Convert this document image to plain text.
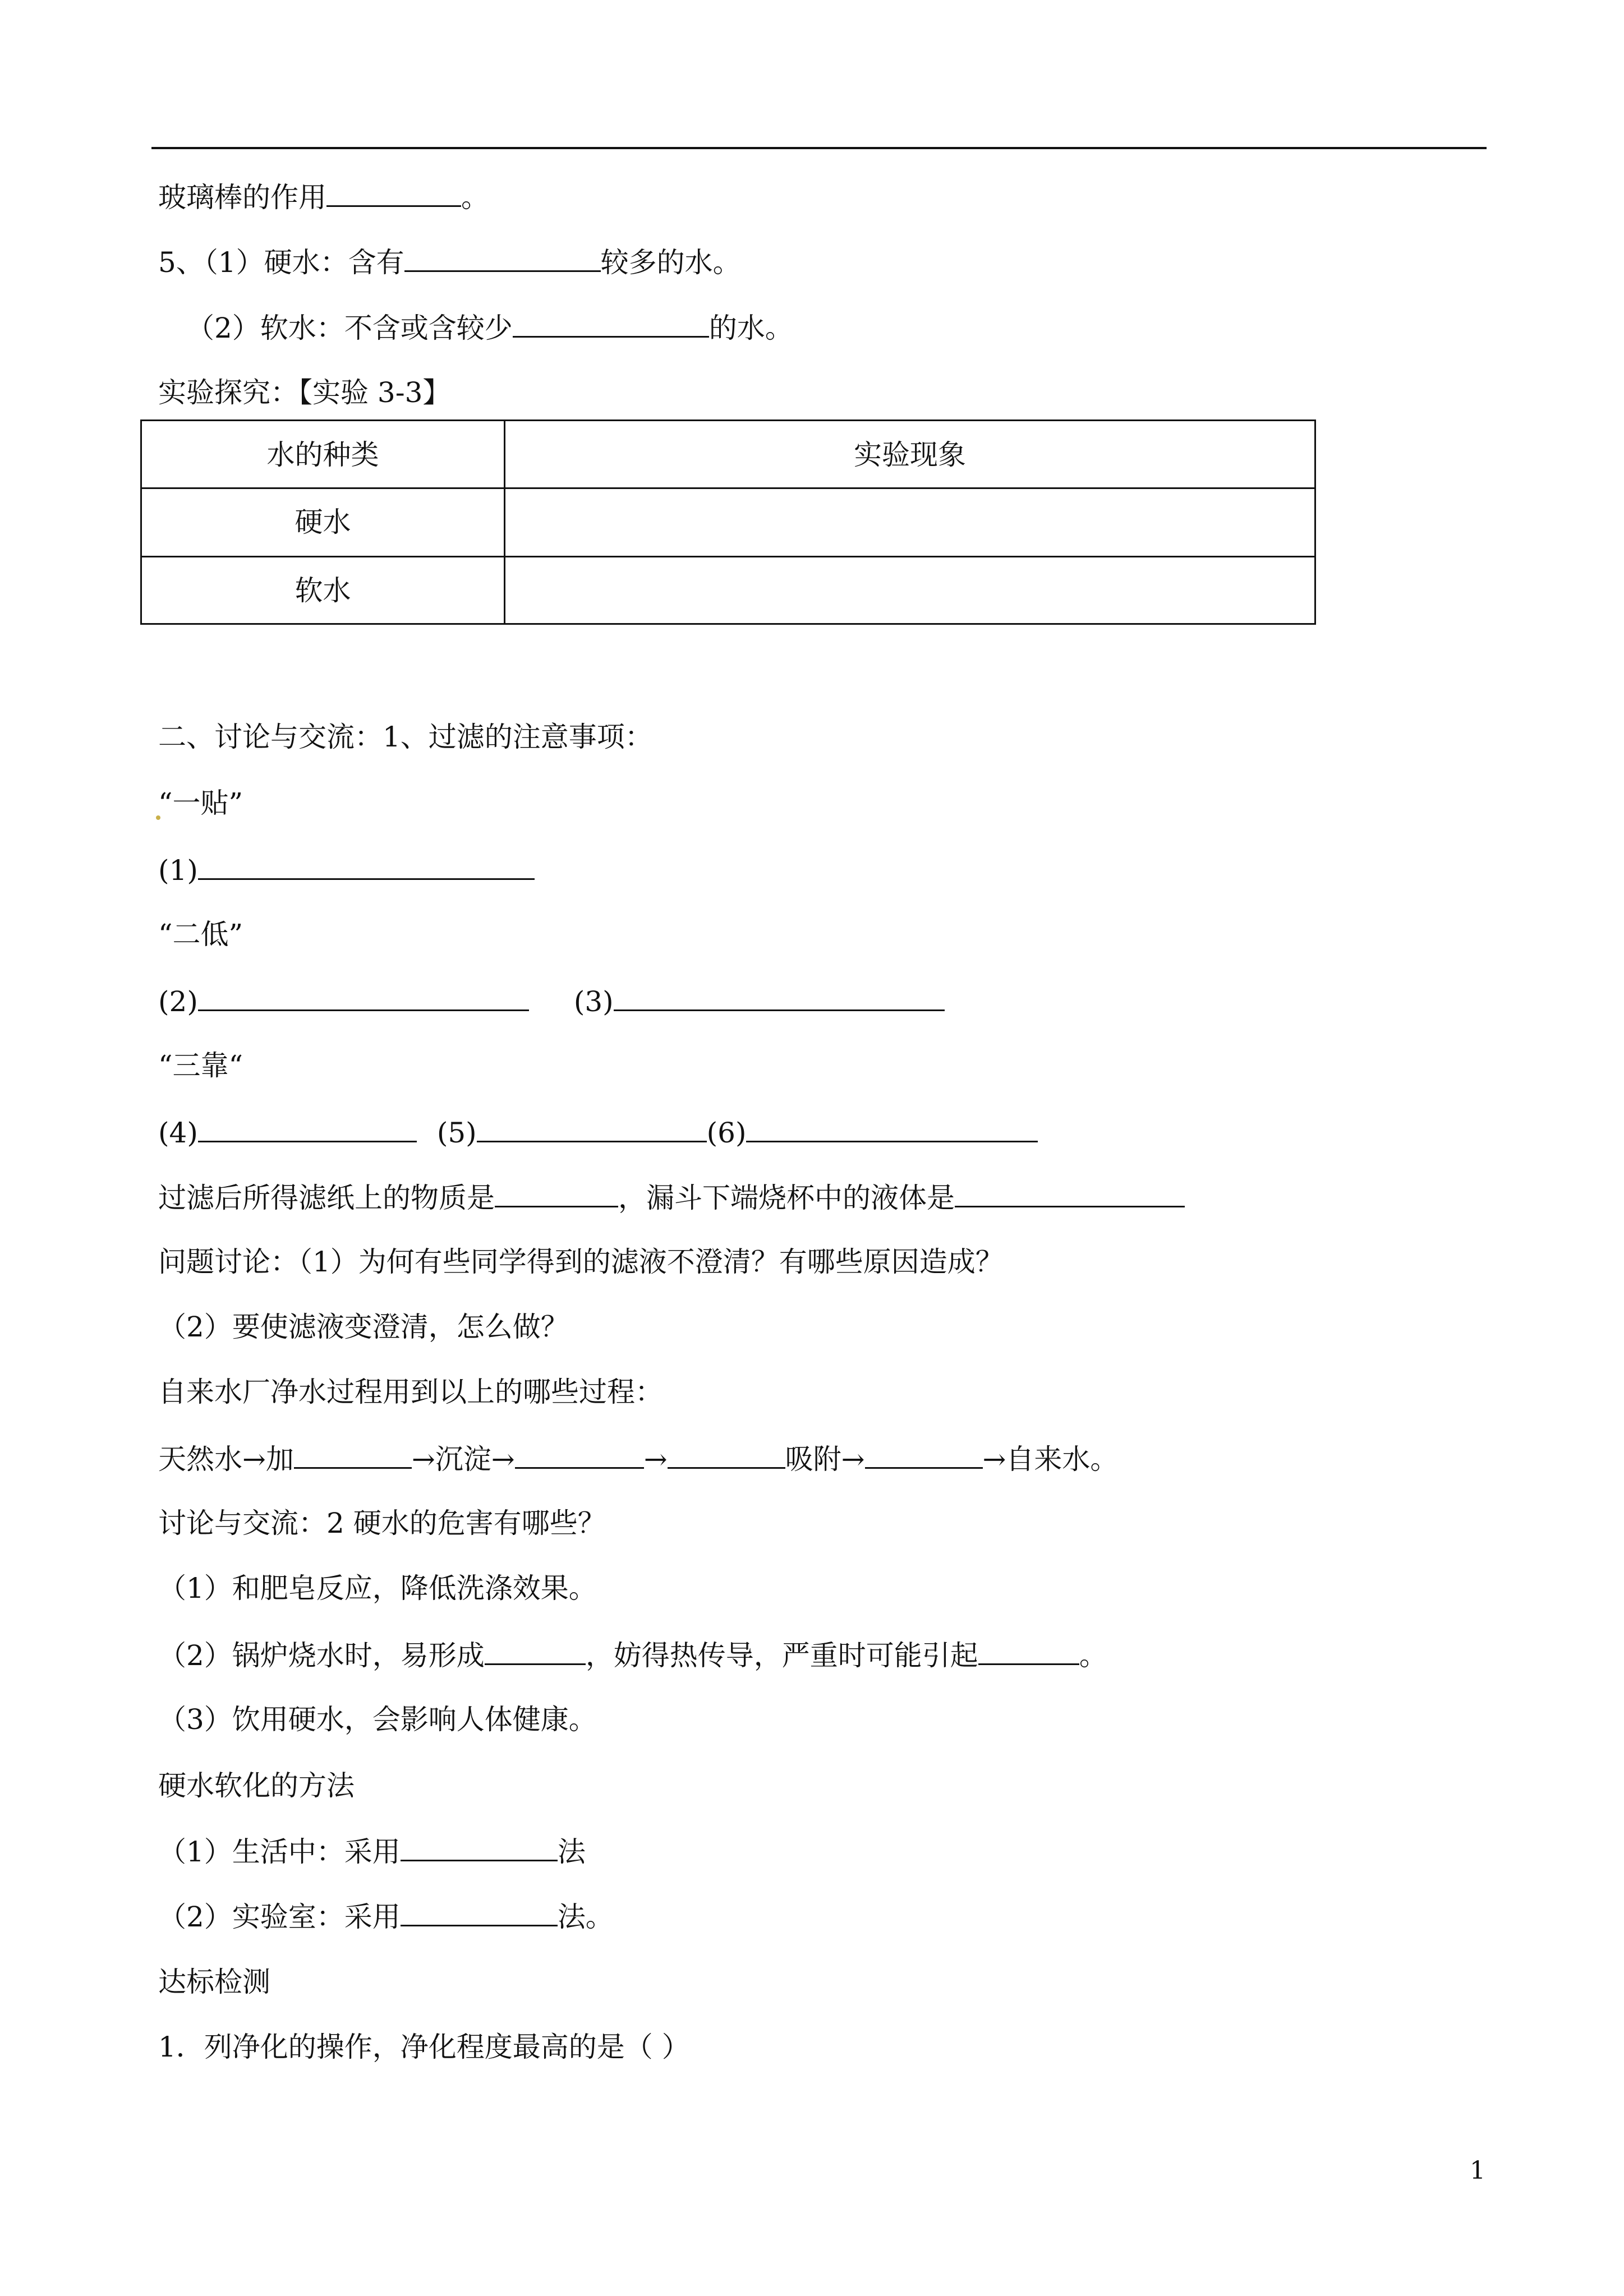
玻璃棒的作用	。
5、（1）硬水：含有	较多的水。
（2）软水：不含或含较少	的水。
实验探究：【实验 3-3】
水的种类	实验现象
硬水
软水
二、讨论与交流：1、过滤的注意事项：
“一贴”
(1)
“二低”
(2)	(3)
“三靠“
(4)	(5)	(6)
过滤后所得滤纸上的物质是	，漏斗下端烧杯中的液体是
问题讨论：（1）为何有些同学得到的滤液不澄清？有哪些原因造成？
（2）要使滤液变澄清，怎么做？
自来水厂净水过程用到以上的哪些过程：
天然水→加	→沉淀→	→	吸附→	→自来水。
讨论与交流：2 硬水的危害有哪些？
（1）和肥皂反应，降低洗涤效果。
（2）锅炉烧水时，易形成	，妨得热传导，严重时可能引起	。
（3）饮用硬水，会影响人体健康。
硬水软化的方法
（1）生活中：采用	法
（2）实验室：采用	法。
达标检测
1．列净化的操作，净化程度最高的是（ ）
1
